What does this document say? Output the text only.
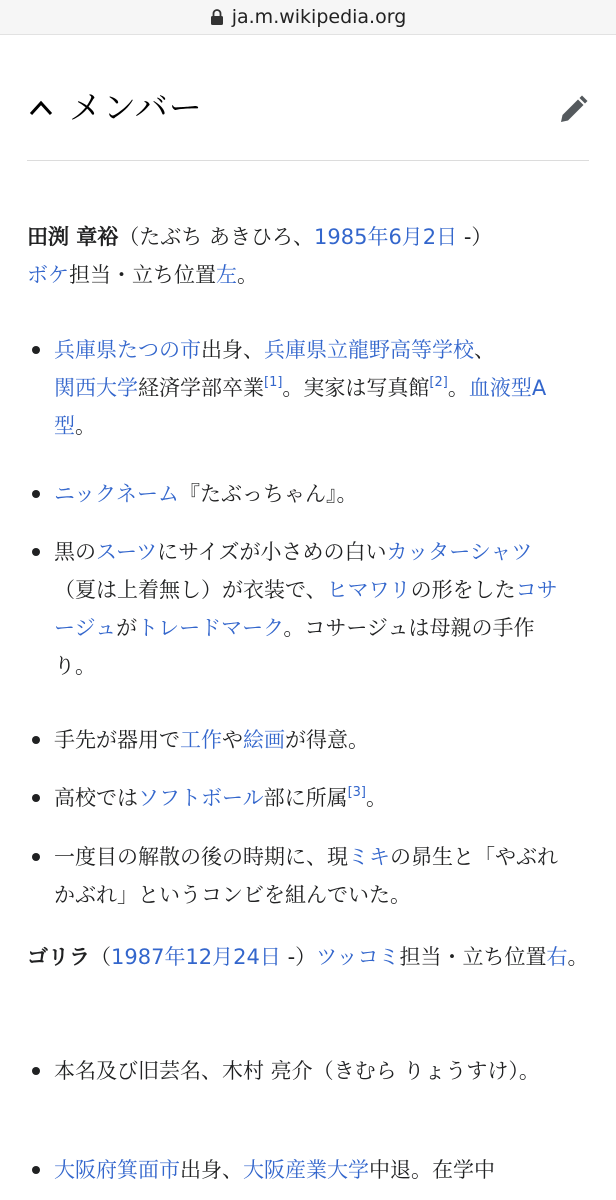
ja.m.wikipedia.org
メンバー
田渕 章裕（たぶち あきひろ、1985年6月2日 -）
ボケ担当・立ち位置左。
兵庫県たつの市出身、兵庫県立龍野高等学校、
関西大学経済学部卒業[1]。実家は写真館[2]。血液型A型。
ニックネーム『たぶっちゃん』。
黒のスーツにサイズが小さめの白いカッターシャツ（夏は上着無し）が衣装で、ヒマワリの形をしたコサージュがトレードマーク。コサージュは母親の手作り。
手先が器用で工作や絵画が得意。
高校ではソフトボール部に所属[3]。
一度目の解散の後の時期に、現ミキの昴生と「やぶれかぶれ」というコンビを組んでいた。
ゴリラ（1987年12月24日 -）ツッコミ担当・立ち位置右。
本名及び旧芸名、木村 亮介（きむら りょうすけ）。
大阪府箕面市出身、大阪産業大学中退。在学中
